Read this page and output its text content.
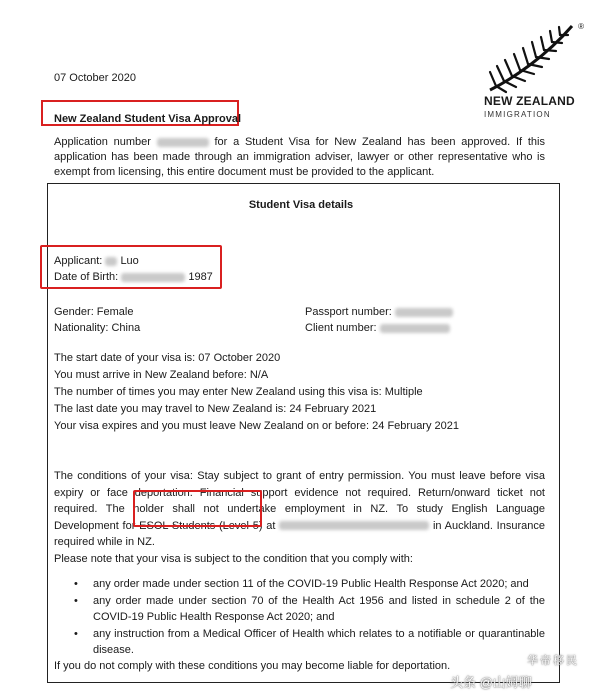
07 October 2020
®
NEW ZEALAND
IMMIGRATION
New Zealand Student Visa Approval
Application number	for a Student Visa for New Zealand has been approved. If this application has been made through an immigration adviser, lawyer or other representative who is exempt from licensing, this entire document must be provided to the applicant.
Student Visa details
Applicant: Luo
Date of Birth:	1987
Gender: Female
Nationality: China
Passport number:
Client number:
The start date of your visa is: 07 October 2020
You must arrive in New Zealand before: N/A
The number of times you may enter New Zealand using this visa is: Multiple
The last date you may travel to New Zealand is: 24 February 2021
Your visa expires and you must leave New Zealand on or before: 24 February 2021
The conditions of your visa: Stay subject to grant of entry permission. You must leave before visa expiry or face deportation. Financial support evidence not required. Return/onward ticket not required. The holder shall not undertake employment in NZ. To study English Language Development for ESOL Students (Level 5) at	in Auckland. Insurance required while in NZ.
Please note that your visa is subject to the condition that you comply with:
• any order made under section 11 of the COVID-19 Public Health Response Act 2020; and
• any order made under section 70 of the Health Act 1956 and listed in schedule 2 of the COVID-19 Public Health Response Act 2020; and
• any instruction from a Medical Officer of Health which relates to a notifiable or quarantinable disease.
If you do not comply with these conditions you may become liable for deportation.	华帝移民
头条 @山姆聊
